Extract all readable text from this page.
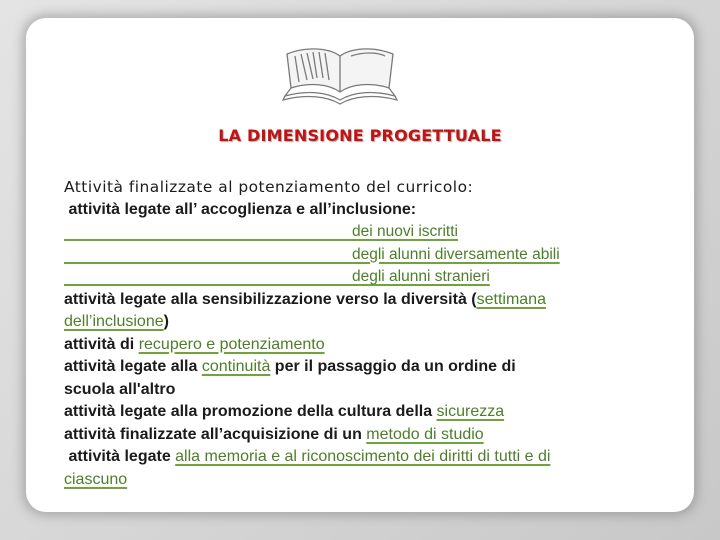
LA DIMENSIONE PROGETTUALE
Attività finalizzate al potenziamento del curricolo:
attività legate all’ accoglienza e all’inclusione:
dei nuovi iscritti
degli alunni diversamente abili
degli alunni stranieri
attività legate alla sensibilizzazione verso la diversità (settimana
dell’inclusione)
attività di recupero e potenziamento
attività legate alla continuità per il passaggio da un ordine di
scuola all'altro
attività legate alla promozione della cultura della sicurezza
attività finalizzate all’acquisizione di un metodo di studio
attività legate alla memoria e al riconoscimento dei diritti di tutti e di
ciascuno
